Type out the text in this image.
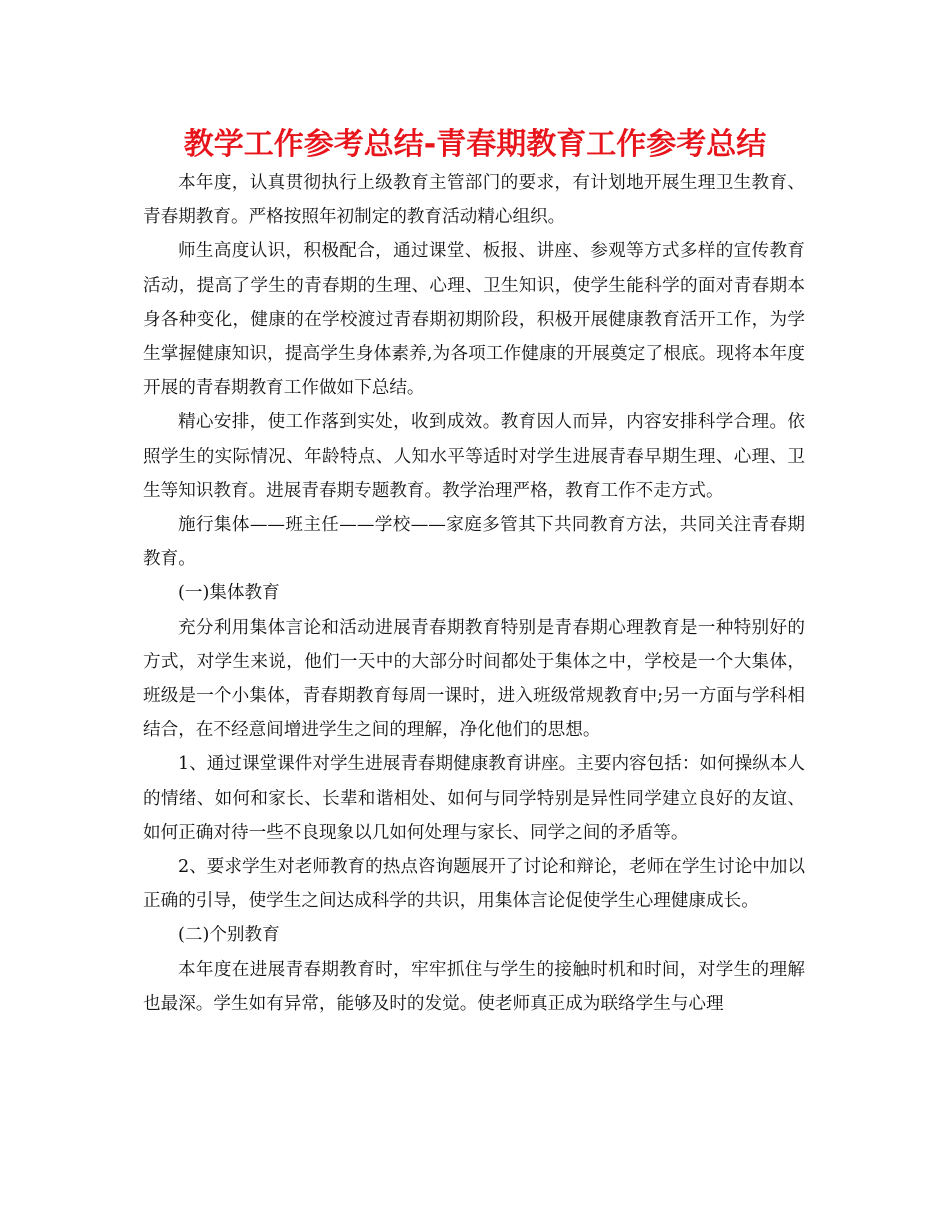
教学工作参考总结-青春期教育工作参考总结

本年度，认真贯彻执行上级教育主管部门的要求，有计划地开展生理卫生教育、青春期教育。严格按照年初制定的教育活动精心组织。

师生高度认识，积极配合，通过课堂、板报、讲座、参观等方式多样的宣传教育活动，提高了学生的青春期的生理、心理、卫生知识，使学生能科学的面对青春期本身各种变化，健康的在学校渡过青春期初期阶段，积极开展健康教育活开工作，为学生掌握健康知识，提高学生身体素养,为各项工作健康的开展奠定了根底。现将本年度开展的青春期教育工作做如下总结。

精心安排，使工作落到实处，收到成效。教育因人而异，内容安排科学合理。依照学生的实际情况、年龄特点、人知水平等适时对学生进展青春早期生理、心理、卫生等知识教育。进展青春期专题教育。教学治理严格，教育工作不走方式。

施行集体——班主任——学校——家庭多管其下共同教育方法，共同关注青春期教育。

(一)集体教育

充分利用集体言论和活动进展青春期教育特别是青春期心理教育是一种特别好的方式，对学生来说，他们一天中的大部分时间都处于集体之中，学校是一个大集体，班级是一个小集体，青春期教育每周一课时，进入班级常规教育中;另一方面与学科相结合，在不经意间增进学生之间的理解，净化他们的思想。

1、通过课堂课件对学生进展青春期健康教育讲座。主要内容包括：如何操纵本人的情绪、如何和家长、长辈和谐相处、如何与同学特别是异性同学建立良好的友谊、如何正确对待一些不良现象以几如何处理与家长、同学之间的矛盾等。

2、要求学生对老师教育的热点咨询题展开了讨论和辩论，老师在学生讨论中加以正确的引导，使学生之间达成科学的共识，用集体言论促使学生心理健康成长。

(二)个别教育

本年度在进展青春期教育时，牢牢抓住与学生的接触时机和时间，对学生的理解也最深。学生如有异常，能够及时的发觉。使老师真正成为联络学生与心理
